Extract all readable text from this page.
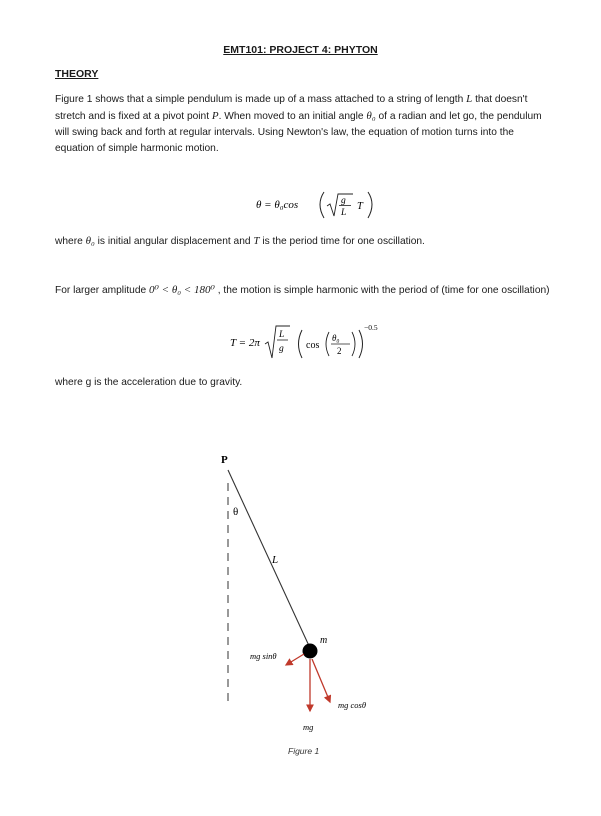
EMT101: PROJECT 4: PHYTON
THEORY
Figure 1 shows that a simple pendulum is made up of a mass attached to a string of length L that doesn't stretch and is fixed at a pivot point P. When moved to an initial angle θ₀ of a radian and let go, the pendulum will swing back and forth at regular intervals. Using Newton's law, the equation of motion turns into the equation of simple harmonic motion.
θ = θ₀cos	g
L
T
where θ₀ is initial angular displacement and T is the period time for one oscillation.
For larger amplitude 0⁰ < θ₀ < 180⁰ , the motion is simple harmonic with the period of (time for one oscillation)
T = 2π
L
g cos
θ₀
2
−0.5
where g is the acceleration due to gravity.
P
θ
L
m
mg sinθ
mg
mg cosθ
Figure 1
